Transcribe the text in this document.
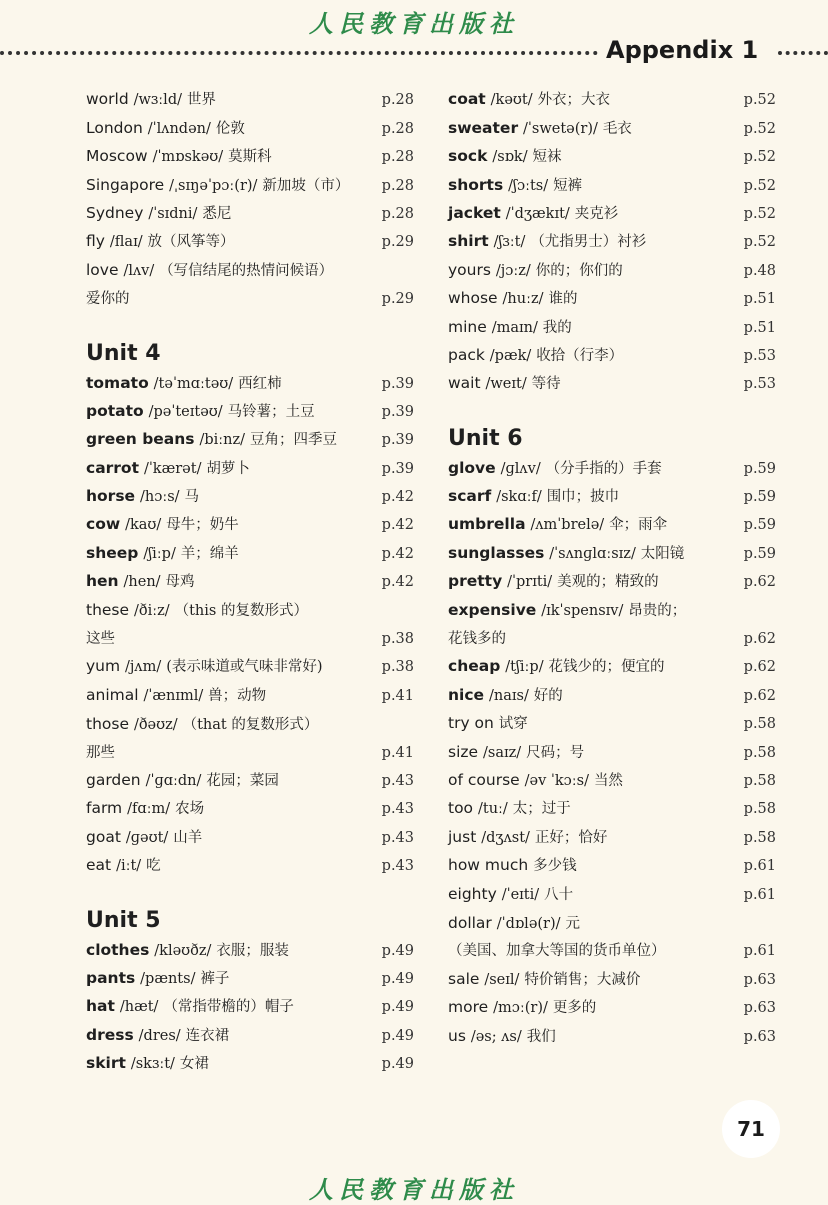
人民教育出版社
Appendix 1
world /wɜːld/ 世界	p.28
London /ˈlʌndən/ 伦敦	p.28
Moscow /ˈmɒskəʊ/ 莫斯科	p.28
Singapore /ˌsɪŋəˈpɔː(r)/ 新加坡（市） p.28
Sydney /ˈsɪdni/ 悉尼	p.28
fly /flaɪ/ 放（风筝等）	p.29
love /lʌv/ （写信结尾的热情问候语）
爱你的	p.29
Unit 4
tomato /təˈmɑːtəʊ/ 西红柿	p.39
potato /pəˈteɪtəʊ/ 马铃薯；土豆	p.39
green beans /biːnz/ 豆角；四季豆	p.39
carrot /ˈkærət/ 胡萝卜	p.39
horse /hɔːs/ 马	p.42
cow /kaʊ/ 母牛；奶牛	p.42
sheep /ʃiːp/ 羊；绵羊	p.42
hen /hen/ 母鸡	p.42
these /ðiːz/ （this 的复数形式）
这些	p.38
yum /jʌm/ (表示味道或气味非常好)	p.38
animal /ˈænɪml/ 兽；动物	p.41
those /ðəʊz/ （that 的复数形式）
那些	p.41
garden /ˈɡɑːdn/ 花园；菜园	p.43
farm /fɑːm/ 农场	p.43
goat /ɡəʊt/ 山羊	p.43
eat /iːt/ 吃	p.43
Unit 5
clothes /kləʊðz/ 衣服；服装	p.49
pants /pænts/ 裤子	p.49
hat /hæt/ （常指带檐的）帽子	p.49
dress /dres/ 连衣裙	p.49
skirt /skɜːt/ 女裙	p.49
coat /kəʊt/ 外衣；大衣	p.52
sweater /ˈswetə(r)/ 毛衣	p.52
sock /sɒk/ 短袜	p.52
shorts /ʃɔːts/ 短裤	p.52
jacket /ˈdʒækɪt/ 夹克衫	p.52
shirt /ʃɜːt/ （尤指男士）衬衫	p.52
yours /jɔːz/ 你的；你们的	p.48
whose /huːz/ 谁的	p.51
mine /maɪn/ 我的	p.51
pack /pæk/ 收拾（行李）	p.53
wait /weɪt/ 等待	p.53
Unit 6
glove /ɡlʌv/ （分手指的）手套	p.59
scarf /skɑːf/ 围巾；披巾	p.59
umbrella /ʌmˈbrelə/ 伞；雨伞	p.59
sunglasses /ˈsʌnɡlɑːsɪz/ 太阳镜	p.59
pretty /ˈprɪti/ 美观的；精致的	p.62
expensive /ɪkˈspensɪv/ 昂贵的；
花钱多的	p.62
cheap /tʃiːp/ 花钱少的；便宜的	p.62
nice /naɪs/ 好的	p.62
try on 试穿	p.58
size /saɪz/ 尺码；号	p.58
of course /əv ˈkɔːs/ 当然	p.58
too /tuː/ 太；过于	p.58
just /dʒʌst/ 正好；恰好	p.58
how much 多少钱	p.61
eighty /ˈeɪti/ 八十	p.61
dollar /ˈdɒlə(r)/ 元
（美国、加拿大等国的货币单位）	p.61
sale /seɪl/ 特价销售；大减价	p.63
more /mɔː(r)/ 更多的	p.63
us /əs; ʌs/ 我们	p.63
71
人民教育出版社
